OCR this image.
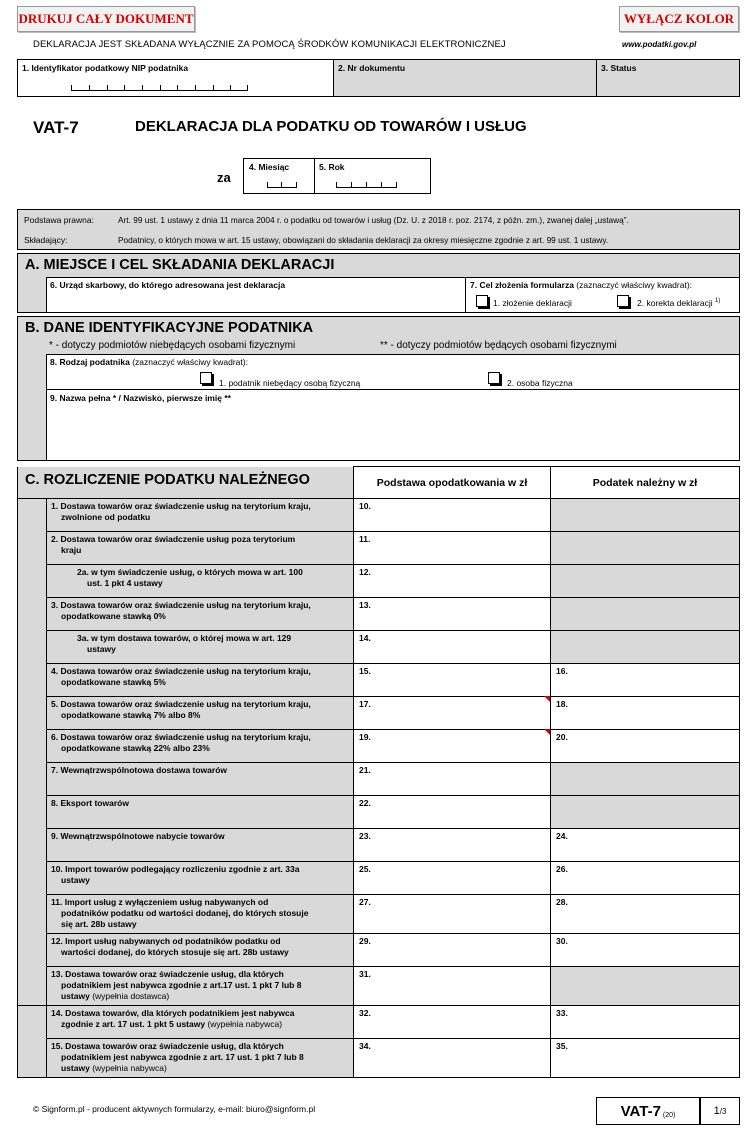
DRUKUJ CAŁY DOKUMENT	WYŁĄCZ KOLOR
DEKLARACJA JEST SKŁADANA WYŁĄCZNIE ZA POMOCĄ ŚRODKÓW KOMUNIKACJI ELEKTRONICZNEJ	www.podatki.gov.pl
1. Identyfikator podatkowy NIP podatnika	2. Nr dokumentu	3. Status
VAT-7	DEKLARACJA DLA PODATKU OD TOWARÓW I USŁUG
za
4. Miesiąc	5. Rok
Podstawa prawna:	Art. 99 ust. 1 ustawy z dnia 11 marca 2004 r. o podatku od towarów i usług (Dz. U. z 2018 r. poz. 2174, z późn. zm.), zwanej dalej „ustawą”.
Składający:	Podatnicy, o których mowa w art. 15 ustawy, obowiązani do składania deklaracji za okresy miesięczne zgodnie z art. 99 ust. 1 ustawy.
A. MIEJSCE I CEL SKŁADANIA DEKLARACJI
6. Urząd skarbowy, do którego adresowana jest deklaracja	7. Cel złożenia formularza (zaznaczyć właściwy kwadrat):
1. złożenie deklaracji	2. korekta deklaracji $^{1)}$
B. DANE IDENTYFIKACYJNE PODATNIKA
* - dotyczy podmiotów niebędących osobami fizycznymi	** - dotyczy podmiotów będących osobami fizycznymi
8. Rodzaj podatnika (zaznaczyć właściwy kwadrat):
1. podatnik niebędący osobą fizyczną	2. osoba fizyczna
9. Nazwa pełna * / Nazwisko, pierwsze imię **
C. ROZLICZENIE PODATKU NALEŻNEGO
		Podstawa opodatkowania w zł	Podatek należny w zł
	1. Dostawa towarów oraz świadczenie usług na terytorium kraju,
zwolnione od podatku	10.	
	2. Dostawa towarów oraz świadczenie usług poza terytorium
kraju	11.	
	2a. w tym świadczenie usług, o których mowa w art. 100
ust. 1 pkt 4 ustawy	12.	
	3. Dostawa towarów oraz świadczenie usług na terytorium kraju,
opodatkowane stawką 0%	13.	
	3a. w tym dostawa towarów, o której mowa w art. 129
ustawy	14.	
	4. Dostawa towarów oraz świadczenie usług na terytorium kraju,
opodatkowane stawką 5%	15.	16.
	5. Dostawa towarów oraz świadczenie usług na terytorium kraju,
opodatkowane stawką 7% albo 8%	17.	18.
	6. Dostawa towarów oraz świadczenie usług na terytorium kraju,
opodatkowane stawką 22% albo 23%	19.	20.
	7. Wewnątrzwspólnotowa dostawa towarów	21.	
	8. Eksport towarów	22.	
	9. Wewnątrzwspólnotowe nabycie towarów	23.	24.
	10. Import towarów podlegający rozliczeniu zgodnie z art. 33a
ustawy	25.	26.
	11. Import usług z wyłączeniem usług nabywanych od
podatników podatku od wartości dodanej, do których stosuje
się art. 28b ustawy	27.	28.
	12. Import usług nabywanych od podatników podatku od
wartości dodanej, do których stosuje się art. 28b ustawy	29.	30.
	13. Dostawa towarów oraz świadczenie usług, dla których
podatnikiem jest nabywca zgodnie z art.17 ust. 1 pkt 7 lub 8
ustawy (wypełnia dostawca)	31.	
	14. Dostawa towarów, dla których podatnikiem jest nabywca
zgodnie z art. 17 ust. 1 pkt 5 ustawy (wypełnia nabywca)	32.	33.
	15. Dostawa towarów oraz świadczenie usług, dla których
podatnikiem jest nabywca zgodnie z art. 17 ust. 1 pkt 7 lub 8
ustawy (wypełnia nabywca)	34.	35.
© Signform.pl - producent aktywnych formularzy, e-mail: biuro@signform.pl	VAT-7 (20)	1 /3
